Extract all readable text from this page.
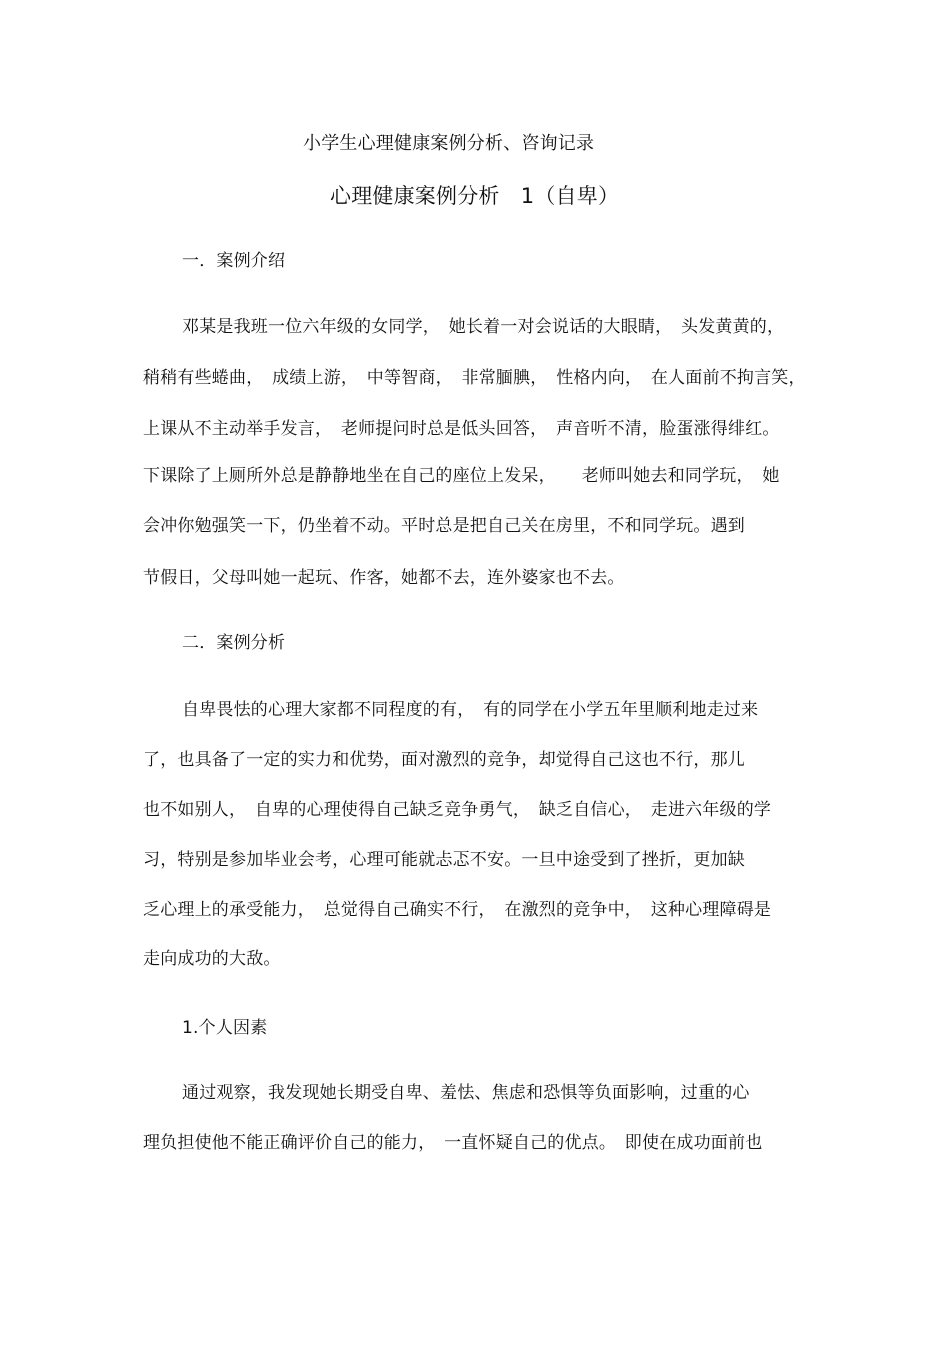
小学生心理健康案例分析、咨询记录
心理健康案例分析　1（自卑）
一．案例介绍
邓某是我班一位六年级的女同学，　她长着一对会说话的大眼睛，　头发黄黄的，
稍稍有些蜷曲，　成绩上游，　中等智商，　非常腼腆，　性格内向，　在人面前不拘言笑，
上课从不主动举手发言，　老师提问时总是低头回答，　声音听不清，脸蛋涨得绯红。
下课除了上厕所外总是静静地坐在自己的座位上发呆，　　老师叫她去和同学玩，　她
会冲你勉强笑一下，仍坐着不动。平时总是把自己关在房里，不和同学玩。遇到
节假日，父母叫她一起玩、作客，她都不去，连外婆家也不去。
二．案例分析
自卑畏怯的心理大家都不同程度的有，　有的同学在小学五年里顺利地走过来
了，也具备了一定的实力和优势，面对激烈的竞争，却觉得自己这也不行，那儿
也不如别人，　自卑的心理使得自己缺乏竞争勇气，　缺乏自信心，　走进六年级的学
习，特别是参加毕业会考，心理可能就忐忑不安。一旦中途受到了挫折，更加缺
乏心理上的承受能力，　总觉得自己确实不行，　在激烈的竞争中，　这种心理障碍是
走向成功的大敌。
1.个人因素
通过观察，我发现她长期受自卑、羞怯、焦虑和恐惧等负面影响，过重的心
理负担使他不能正确评价自己的能力，　一直怀疑自己的优点。　即使在成功面前也
